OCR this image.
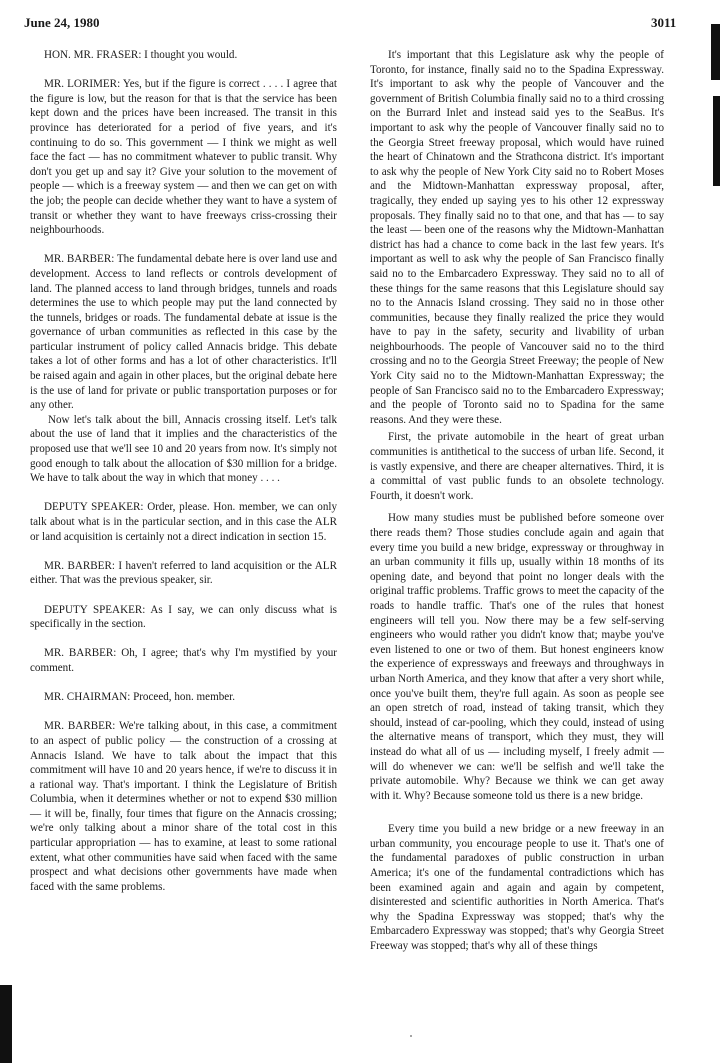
June 24, 1980	3011

HON. MR. FRASER: I thought you would.

MR. LORIMER: Yes, but if the figure is correct . . . . I agree that the figure is low, but the reason for that is that the service has been kept down and the prices have been increased. The transit in this province has deteriorated for a period of five years, and it's continuing to do so. This government — I think we might as well face the fact — has no commitment whatever to public transit. Why don't you get up and say it? Give your solution to the movement of people — which is a freeway system — and then we can get on with the job; the people can decide whether they want to have a system of transit or whether they want to have freeways criss-crossing their neighbourhoods.

MR. BARBER: The fundamental debate here is over land use and development. Access to land reflects or controls development of land. The planned access to land through bridges, tunnels and roads determines the use to which people may put the land connected by the tunnels, bridges or roads. The fundamental debate at issue is the governance of urban communities as reflected in this case by the particular instrument of policy called Annacis bridge. This debate takes a lot of other forms and has a lot of other characteristics. It'll be raised again and again in other places, but the original debate here is the use of land for private or public transportation purposes or for any other.

Now let's talk about the bill, Annacis crossing itself. Let's talk about the use of land that it implies and the characteristics of the proposed use that we'll see 10 and 20 years from now. It's simply not good enough to talk about the allocation of $30 million for a bridge. We have to talk about the way in which that money . . . .

DEPUTY SPEAKER: Order, please. Hon. member, we can only talk about what is in the particular section, and in this case the ALR or land acquisition is certainly not a direct indication in section 15.

MR. BARBER: I haven't referred to land acquisition or the ALR either. That was the previous speaker, sir.

DEPUTY SPEAKER: As I say, we can only discuss what is specifically in the section.

MR. BARBER: Oh, I agree; that's why I'm mystified by your comment.

MR. CHAIRMAN: Proceed, hon. member.

MR. BARBER: We're talking about, in this case, a commitment to an aspect of public policy — the construction of a crossing at Annacis Island. We have to talk about the impact that this commitment will have 10 and 20 years hence, if we're to discuss it in a rational way. That's important. I think the Legislature of British Columbia, when it determines whether or not to expend $30 million — it will be, finally, four times that figure on the Annacis crossing; we're only talking about a minor share of the total cost in this particular appropriation — has to examine, at least to some rational extent, what other communities have said when faced with the same prospect and what decisions other governments have made when faced with the same problems.

It's important that this Legislature ask why the people of Toronto, for instance, finally said no to the Spadina Expressway. It's important to ask why the people of Vancouver and the government of British Columbia finally said no to a third crossing on the Burrard Inlet and instead said yes to the SeaBus. It's important to ask why the people of Vancouver finally said no to the Georgia Street freeway proposal, which would have ruined the heart of Chinatown and the Strathcona district. It's important to ask why the people of New York City said no to Robert Moses and the Midtown-Manhattan expressway proposal, after, tragically, they ended up saying yes to his other 12 expressway proposals. They finally said no to that one, and that has — to say the least — been one of the reasons why the Midtown-Manhattan district has had a chance to come back in the last few years. It's important as well to ask why the people of San Francisco finally said no to the Embarcadero Expressway. They said no to all of these things for the same reasons that this Legislature should say no to the Annacis Island crossing. They said no in those other communities, because they finally realized the price they would have to pay in the safety, security and livability of urban neighbourhoods. The people of Vancouver said no to the third crossing and no to the Georgia Street Freeway; the people of New York City said no to the Midtown-Manhattan Expressway; the people of San Francisco said no to the Embarcadero Expressway; and the people of Toronto said no to Spadina for the same reasons. And they were these.

First, the private automobile in the heart of great urban communities is antithetical to the success of urban life. Second, it is vastly expensive, and there are cheaper alternatives. Third, it is a committal of vast public funds to an obsolete technology. Fourth, it doesn't work.

How many studies must be published before someone over there reads them? Those studies conclude again and again that every time you build a new bridge, expressway or throughway in an urban community it fills up, usually within 18 months of its opening date, and beyond that point no longer deals with the original traffic problems. Traffic grows to meet the capacity of the roads to handle traffic. That's one of the rules that honest engineers will tell you. Now there may be a few self-serving engineers who would rather you didn't know that; maybe you've even listened to one or two of them. But honest engineers know the experience of expressways and freeways and throughways in urban North America, and they know that after a very short while, once you've built them, they're full again. As soon as people see an open stretch of road, instead of taking transit, which they should, instead of car-pooling, which they could, instead of using the alternative means of transport, which they must, they will instead do what all of us — including myself, I freely admit — will do whenever we can: we'll be selfish and we'll take the private automobile. Why? Because we think we can get away with it. Why? Because someone told us there is a new bridge.

Every time you build a new bridge or a new freeway in an urban community, you encourage people to use it. That's one of the fundamental paradoxes of public construction in urban America; it's one of the fundamental contradictions which has been examined again and again and again by competent, disinterested and scientific authorities in North America. That's why the Spadina Expressway was stopped; that's why the Embarcadero Expressway was stopped; that's why Georgia Street Freeway was stopped; that's why all of these things
